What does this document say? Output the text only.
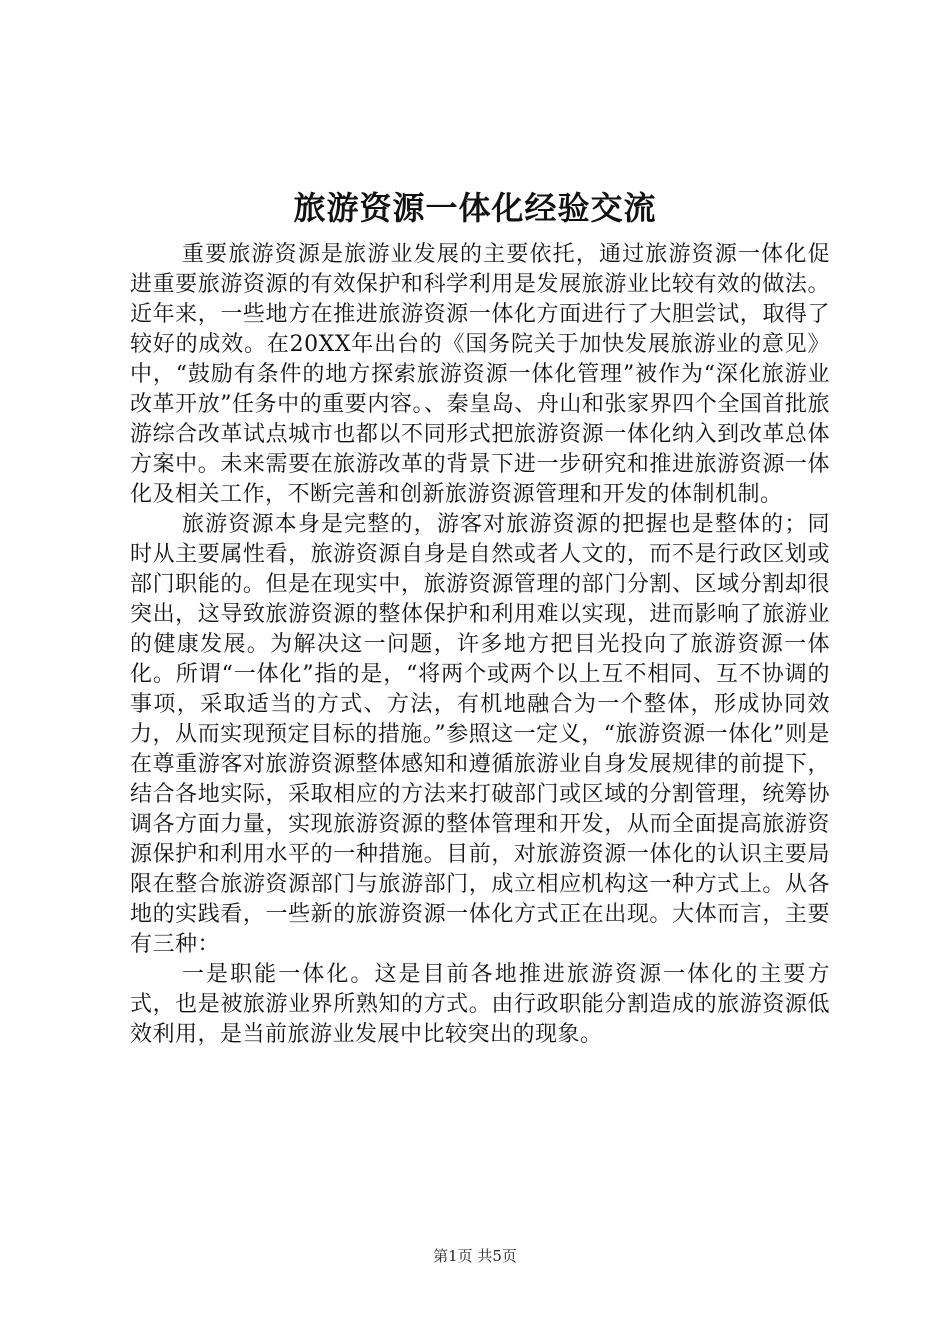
旅游资源一体化经验交流

重要旅游资源是旅游业发展的主要依托，通过旅游资源一体化促进重要旅游资源的有效保护和科学利用是发展旅游业比较有效的做法。近年来，一些地方在推进旅游资源一体化方面进行了大胆尝试，取得了较好的成效。在20XX年出台的《国务院关于加快发展旅游业的意见》中，“鼓励有条件的地方探索旅游资源一体化管理”被作为“深化旅游业改革开放”任务中的重要内容。、秦皇岛、舟山和张家界四个全国首批旅游综合改革试点城市也都以不同形式把旅游资源一体化纳入到改革总体方案中。未来需要在旅游改革的背景下进一步研究和推进旅游资源一体化及相关工作，不断完善和创新旅游资源管理和开发的体制机制。

旅游资源本身是完整的，游客对旅游资源的把握也是整体的；同时从主要属性看，旅游资源自身是自然或者人文的，而不是行政区划或部门职能的。但是在现实中，旅游资源管理的部门分割、区域分割却很突出，这导致旅游资源的整体保护和利用难以实现，进而影响了旅游业的健康发展。为解决这一问题，许多地方把目光投向了旅游资源一体化。所谓“一体化”指的是，“将两个或两个以上互不相同、互不协调的事项，采取适当的方式、方法，有机地融合为一个整体，形成协同效力，从而实现预定目标的措施。”参照这一定义，“旅游资源一体化”则是在尊重游客对旅游资源整体感知和遵循旅游业自身发展规律的前提下，结合各地实际，采取相应的方法来打破部门或区域的分割管理，统筹协调各方面力量，实现旅游资源的整体管理和开发，从而全面提高旅游资源保护和利用水平的一种措施。目前，对旅游资源一体化的认识主要局限在整合旅游资源部门与旅游部门，成立相应机构这一种方式上。从各地的实践看，一些新的旅游资源一体化方式正在出现。大体而言，主要有三种：

一是职能一体化。这是目前各地推进旅游资源一体化的主要方式，也是被旅游业界所熟知的方式。由行政职能分割造成的旅游资源低效利用，是当前旅游业发展中比较突出的现象。

第1页 共5页
